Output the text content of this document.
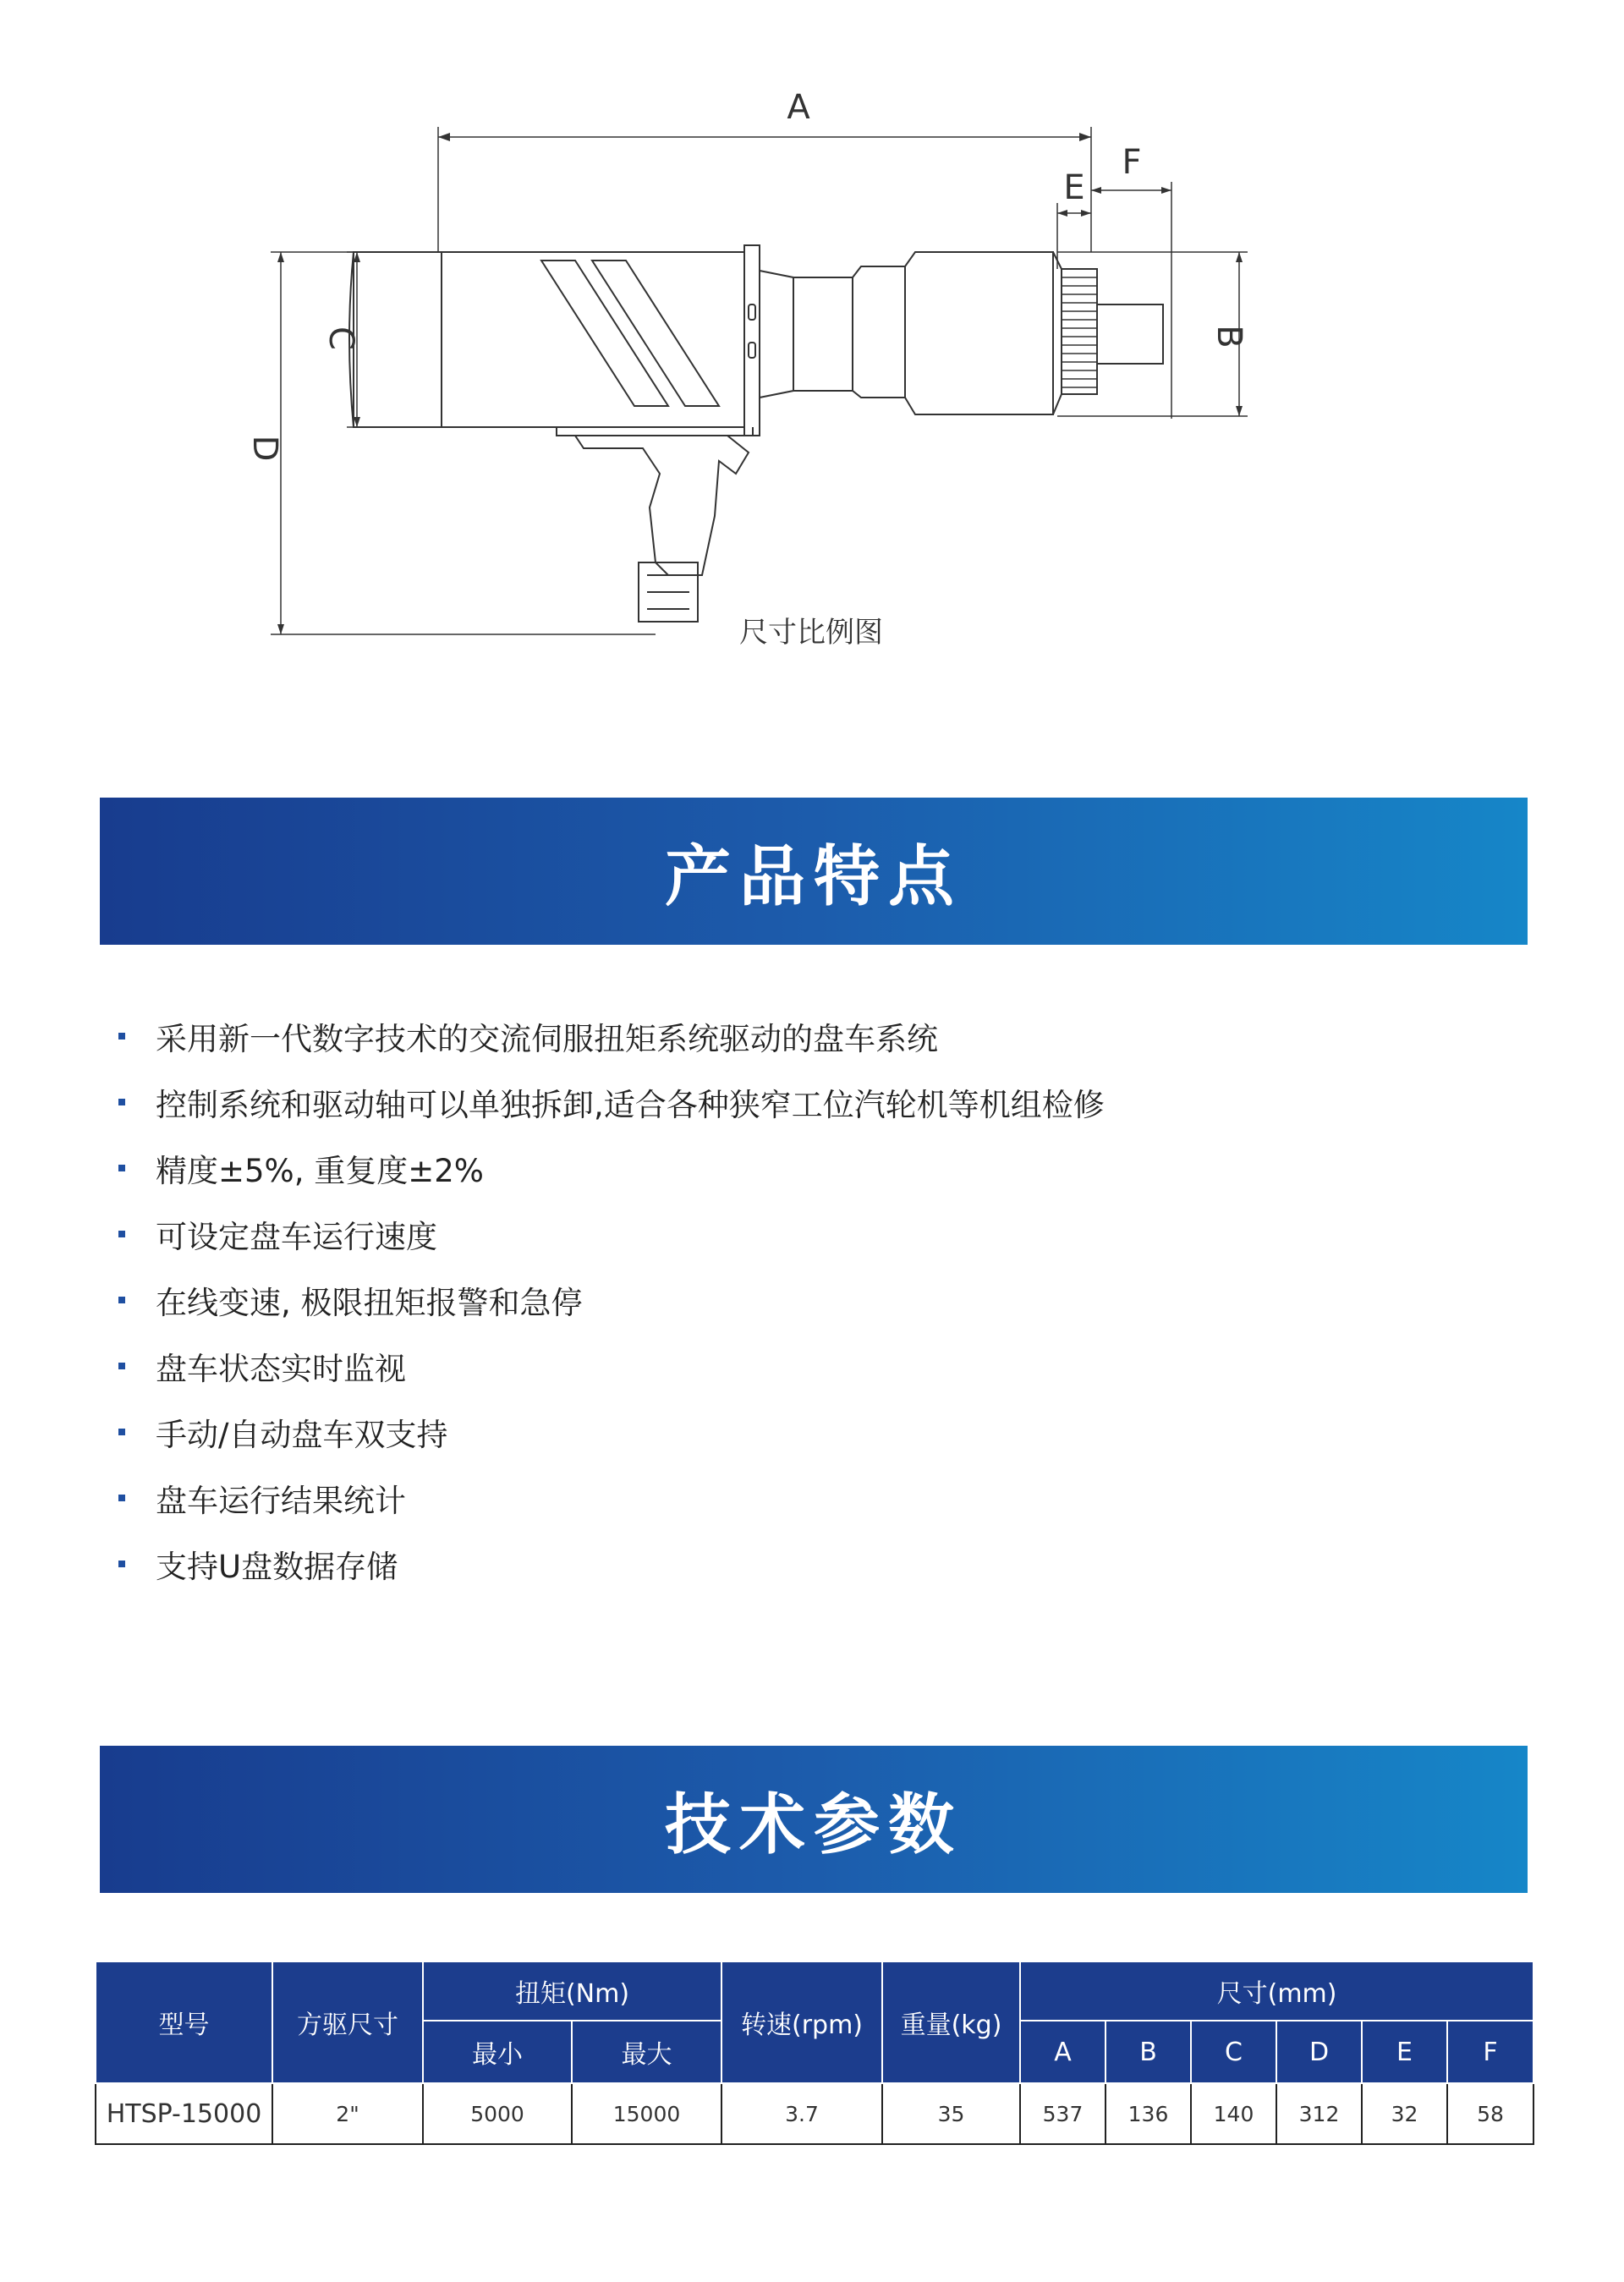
A
B
C
D
E
F
尺寸比例图
产品特点
采用新一代数字技术的交流伺服扭矩系统驱动的盘车系统
控制系统和驱动轴可以单独拆卸,适合各种狭窄工位汽轮机等机组检修
精度±5%, 重复度±2%
可设定盘车运行速度
在线变速, 极限扭矩报警和急停
盘车状态实时监视
手动/自动盘车双支持
盘车运行结果统计
支持U盘数据存储
技术参数
型号	方驱尺寸	扭矩(Nm)		转速(rpm)	重量(kg)	尺寸(mm)					
		最小	最大			A	B	C	D	E	F
HTSP-15000	2"	5000	15000	3.7	35	537	136	140	312	32	58
